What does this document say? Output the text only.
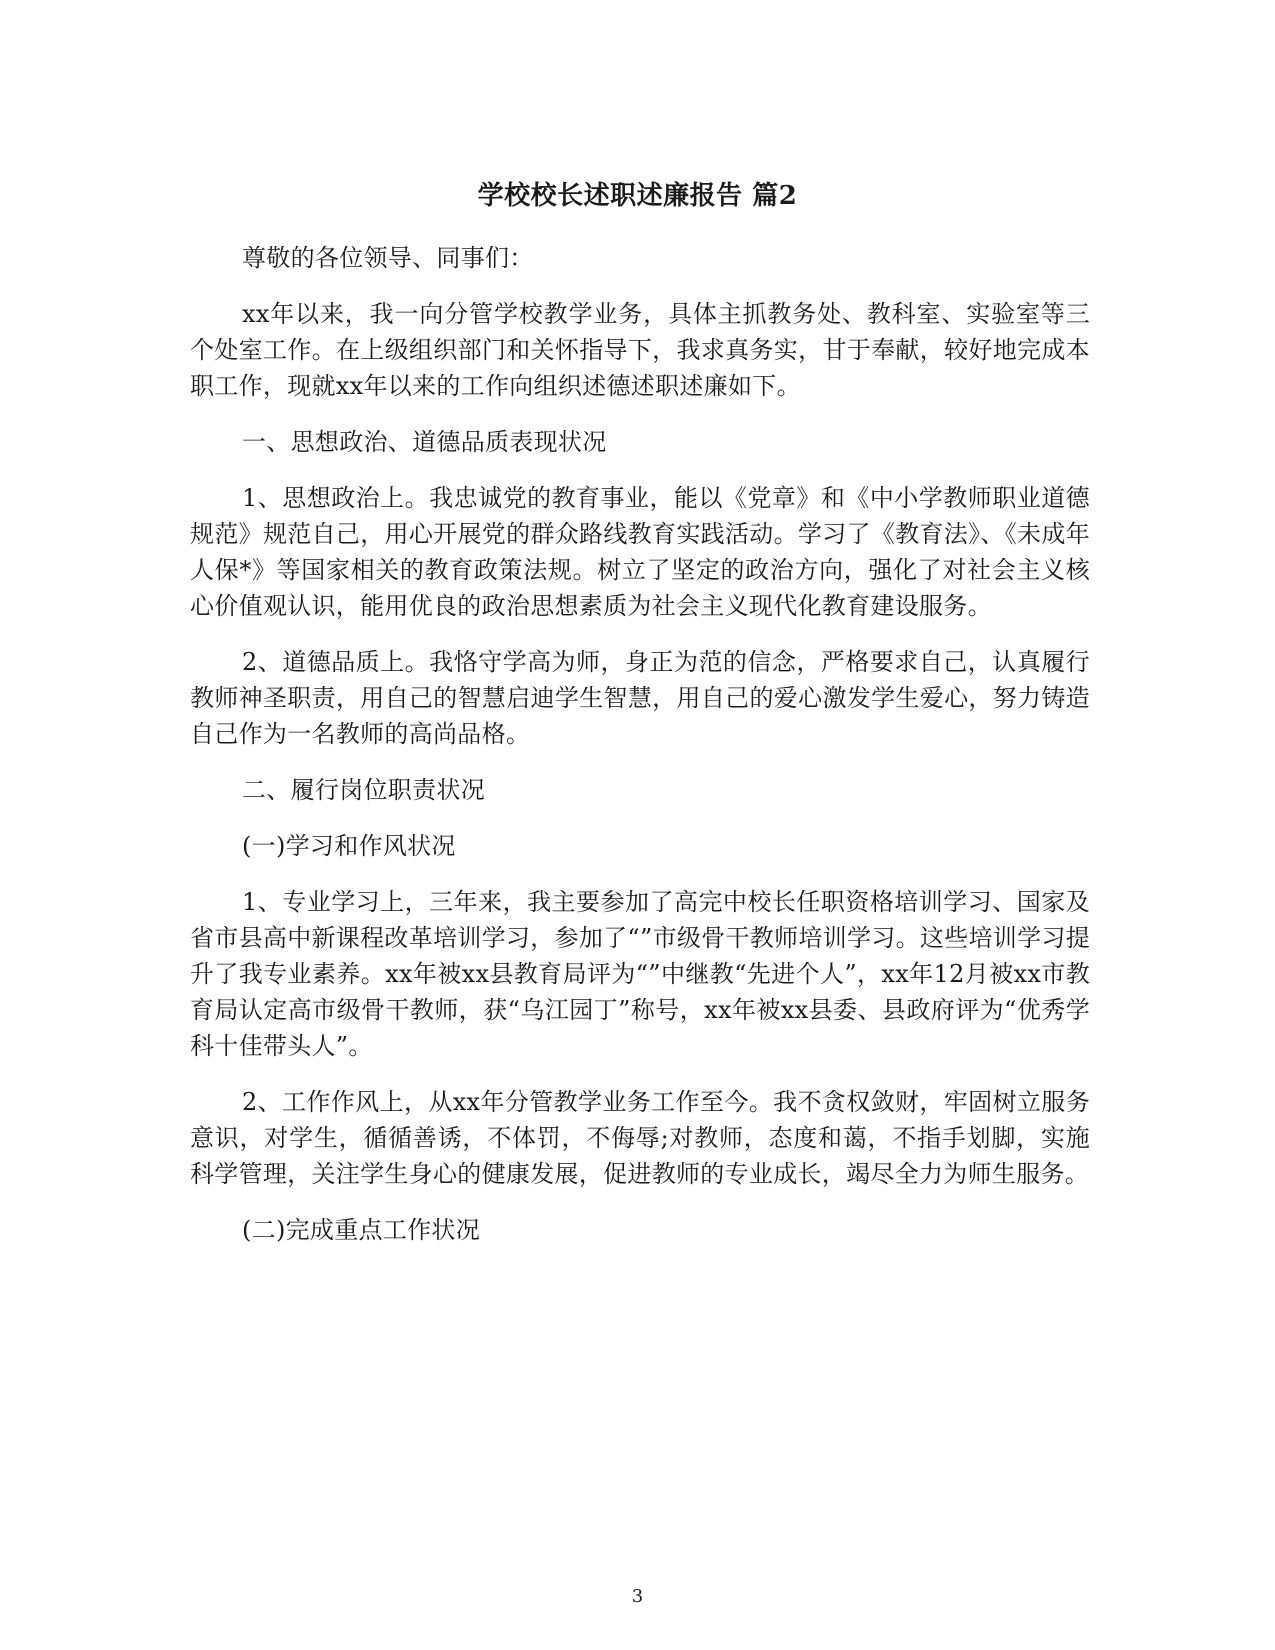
学校校长述职述廉报告 篇2

尊敬的各位领导、同事们：

xx年以来，我一向分管学校教学业务，具体主抓教务处、教科室、实验室等三个处室工作。在上级组织部门和关怀指导下，我求真务实，甘于奉献，较好地完成本职工作，现就xx年以来的工作向组织述德述职述廉如下。

一、思想政治、道德品质表现状况

1、思想政治上。我忠诚党的教育事业，能以《党章》和《中小学教师职业道德规范》规范自己，用心开展党的群众路线教育实践活动。学习了《教育法》、《未成年人保*》等国家相关的教育政策法规。树立了坚定的政治方向，强化了对社会主义核心价值观认识，能用优良的政治思想素质为社会主义现代化教育建设服务。

2、道德品质上。我恪守学高为师，身正为范的信念，严格要求自己，认真履行教师神圣职责，用自己的智慧启迪学生智慧，用自己的爱心激发学生爱心，努力铸造自己作为一名教师的高尚品格。

二、履行岗位职责状况

(一)学习和作风状况

1、专业学习上，三年来，我主要参加了高完中校长任职资格培训学习、国家及省市县高中新课程改革培训学习，参加了“”市级骨干教师培训学习。这些培训学习提升了我专业素养。xx年被xx县教育局评为“”中继教“先进个人”，xx年12月被xx市教育局认定高市级骨干教师，获“乌江园丁”称号，xx年被xx县委、县政府评为“优秀学科十佳带头人”。

2、工作作风上，从xx年分管教学业务工作至今。我不贪权敛财，牢固树立服务意识，对学生，循循善诱，不体罚，不侮辱;对教师，态度和蔼，不指手划脚，实施科学管理，关注学生身心的健康发展，促进教师的专业成长，竭尽全力为师生服务。

(二)完成重点工作状况

3
